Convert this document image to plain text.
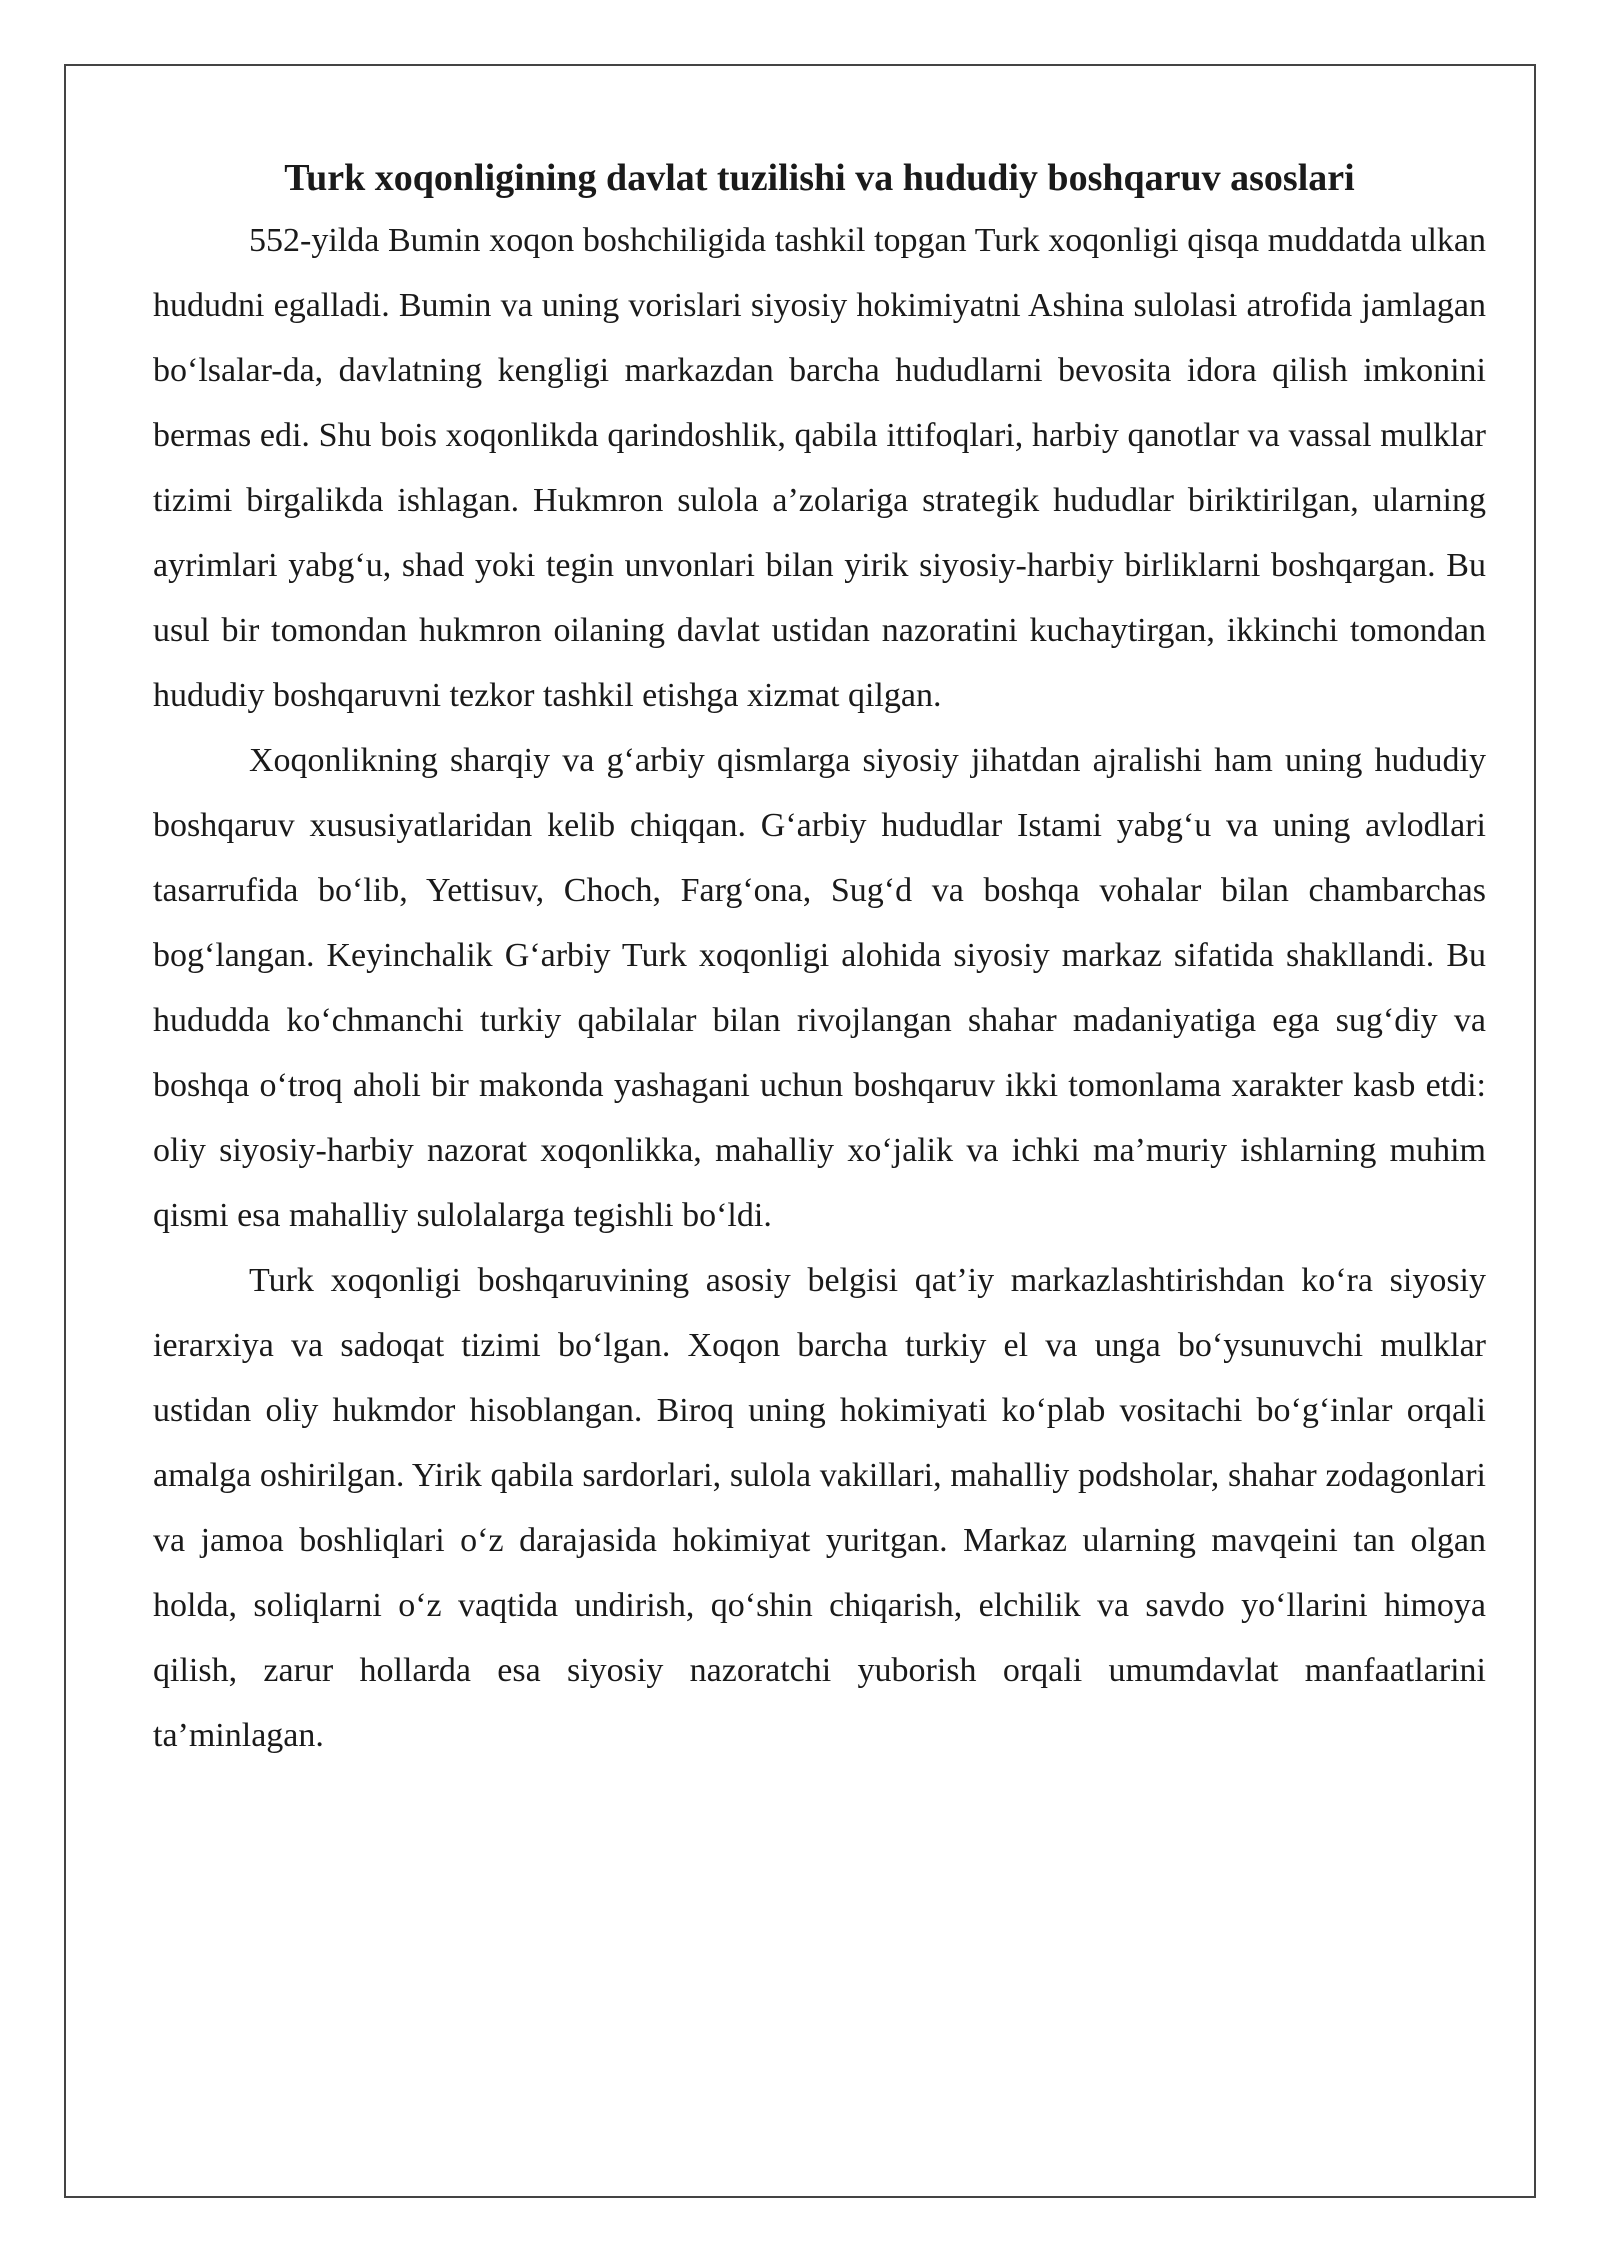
Turk xoqonligining davlat tuzilishi va hududiy boshqaruv asoslari

552-yilda Bumin xoqon boshchiligida tashkil topgan Turk xoqonligi qisqa muddatda ulkan hududni egalladi. Bumin va uning vorislari siyosiy hokimiyatni Ashina sulolasi atrofida jamlagan bo‘lsalar-da, davlatning kengligi markazdan barcha hududlarni bevosita idora qilish imkonini bermas edi. Shu bois xoqonlikda qarindoshlik, qabila ittifoqlari, harbiy qanotlar va vassal mulklar tizimi birgalikda ishlagan. Hukmron sulola a’zolariga strategik hududlar biriktirilgan, ularning ayrimlari yabg‘u, shad yoki tegin unvonlari bilan yirik siyosiy-harbiy birliklarni boshqargan. Bu usul bir tomondan hukmron oilaning davlat ustidan nazoratini kuchaytirgan, ikkinchi tomondan hududiy boshqaruvni tezkor tashkil etishga xizmat qilgan.

Xoqonlikning sharqiy va g‘arbiy qismlarga siyosiy jihatdan ajralishi ham uning hududiy boshqaruv xususiyatlaridan kelib chiqqan. G‘arbiy hududlar Istami yabg‘u va uning avlodlari tasarrufida bo‘lib, Yettisuv, Choch, Farg‘ona, Sug‘d va boshqa vohalar bilan chambarchas bog‘langan. Keyinchalik G‘arbiy Turk xoqonligi alohida siyosiy markaz sifatida shakllandi. Bu hududda ko‘chmanchi turkiy qabilalar bilan rivojlangan shahar madaniyatiga ega sug‘diy va boshqa o‘troq aholi bir makonda yashagani uchun boshqaruv ikki tomonlama xarakter kasb etdi: oliy siyosiy-harbiy nazorat xoqonlikka, mahalliy xo‘jalik va ichki ma’muriy ishlarning muhim qismi esa mahalliy sulolalarga tegishli bo‘ldi.

Turk xoqonligi boshqaruvining asosiy belgisi qat’iy markazlashtirishdan ko‘ra siyosiy ierarxiya va sadoqat tizimi bo‘lgan. Xoqon barcha turkiy el va unga bo‘ysunuvchi mulklar ustidan oliy hukmdor hisoblangan. Biroq uning hokimiyati ko‘plab vositachi bo‘g‘inlar orqali amalga oshirilgan. Yirik qabila sardorlari, sulola vakillari, mahalliy podsholar, shahar zodagonlari va jamoa boshliqlari o‘z darajasida hokimiyat yuritgan. Markaz ularning mavqeini tan olgan holda, soliqlarni o‘z vaqtida undirish, qo‘shin chiqarish, elchilik va savdo yo‘llarini himoya qilish, zarur hollarda esa siyosiy nazoratchi yuborish orqali umumdavlat manfaatlarini ta’minlagan.
